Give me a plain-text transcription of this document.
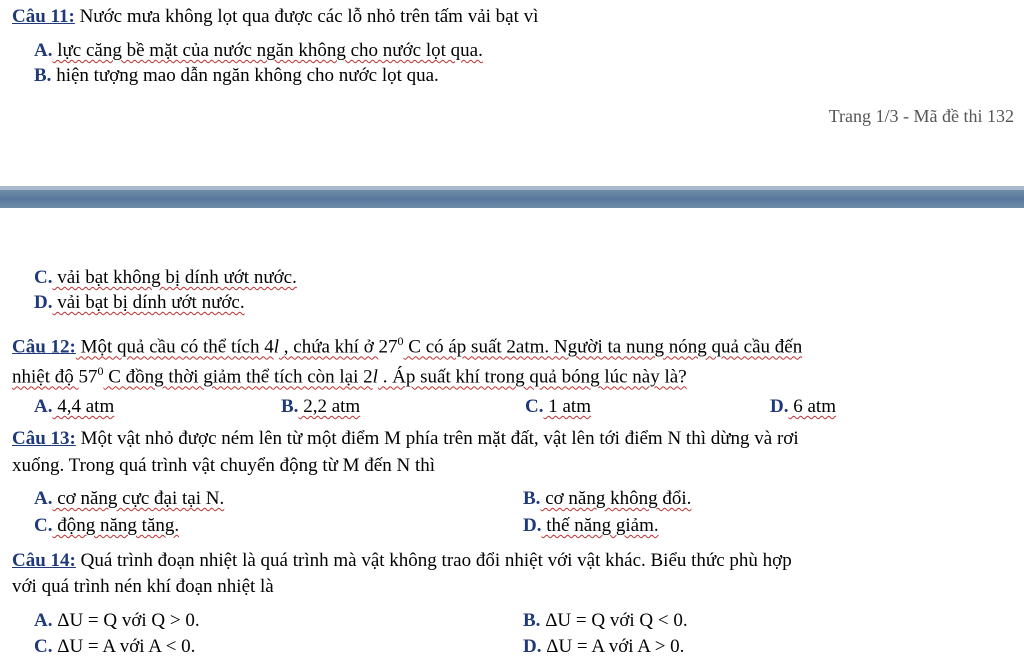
Câu 11: Nước mưa không lọt qua được các lỗ nhỏ trên tấm vải bạt vì
A. lực căng bề mặt của nước ngăn không cho nước lọt qua.
B. hiện tượng mao dẫn ngăn không cho nước lọt qua.
Trang 1/3 - Mã đề thi 132
C. vải bạt không bị dính ướt nước.
D. vải bạt bị dính ướt nước.
Câu 12: Một quả cầu có thể tích 4l , chứa khí ở $27^0$ C có áp suất 2atm. Người ta nung nóng quả cầu đến
nhiệt độ $57^0$ C đồng thời giảm thể tích còn lại 2l . Áp suất khí trong quả bóng lúc này là?
A. 4,4 atm	B. 2,2 atm	C. 1 atm	D. 6 atm
Câu 13: Một vật nhỏ được ném lên từ một điểm M phía trên mặt đất, vật lên tới điểm N thì dừng và rơi
xuống. Trong quá trình vật chuyển động từ M đến N thì
A. cơ năng cực đại tại N.	B. cơ năng không đổi.
C. động năng tăng.	D. thế năng giảm.
Câu 14: Quá trình đoạn nhiệt là quá trình mà vật không trao đổi nhiệt với vật khác. Biểu thức phù hợp
với quá trình nén khí đoạn nhiệt là
A. ΔU = Q với Q > 0.	B. ΔU = Q với Q < 0.
C. ΔU = A với A < 0.	D. ΔU = A với A > 0.
